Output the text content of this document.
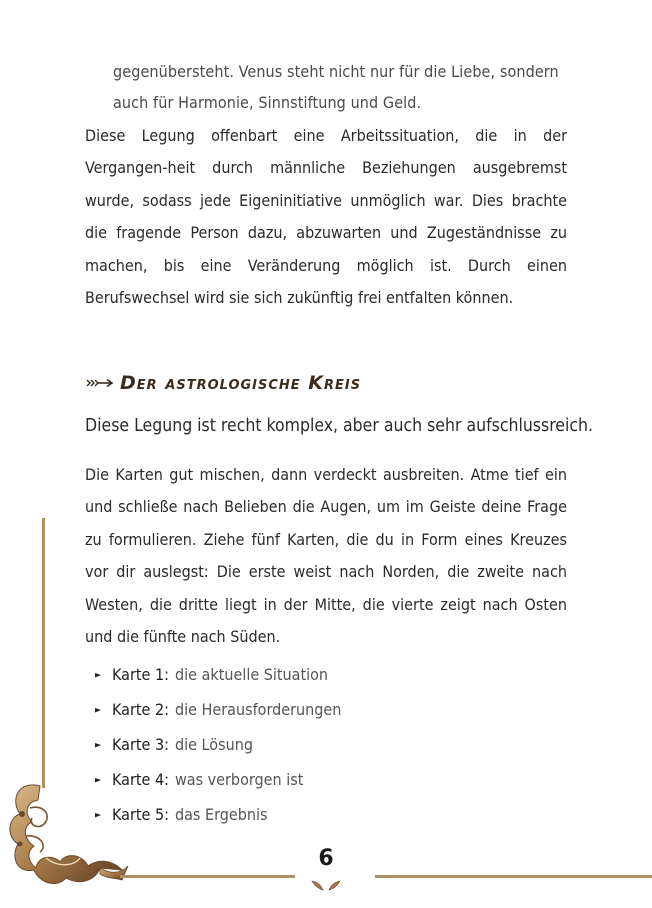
gegenübersteht. Venus steht nicht nur für die Liebe, sondern

auch für Harmonie, Sinnstiftung und Geld.

Diese Legung offenbart eine Arbeitssituation, die in der Vergangen-heit durch männliche Beziehungen ausgebremst wurde, sodass jede Eigeninitiative unmöglich war. Dies brachte die fragende Person dazu, abzuwarten und Zugeständnisse zu machen, bis eine Veränderung möglich ist. Durch einen Berufswechsel wird sie sich zukünftig frei entfalten können.

Der astrologische Kreis

Diese Legung ist recht komplex, aber auch sehr aufschlussreich.

Die Karten gut mischen, dann verdeckt ausbreiten. Atme tief ein und schließe nach Belieben die Augen, um im Geiste deine Frage zu formulieren. Ziehe fünf Karten, die du in Form eines Kreuzes vor dir auslegst: Die erste weist nach Norden, die zweite nach Westen, die dritte liegt in der Mitte, die vierte zeigt nach Osten und die fünfte nach Süden.

Karte 1: die aktuelle Situation
Karte 2: die Herausforderungen
Karte 3: die Lösung
Karte 4: was verborgen ist
Karte 5: das Ergebnis
6
